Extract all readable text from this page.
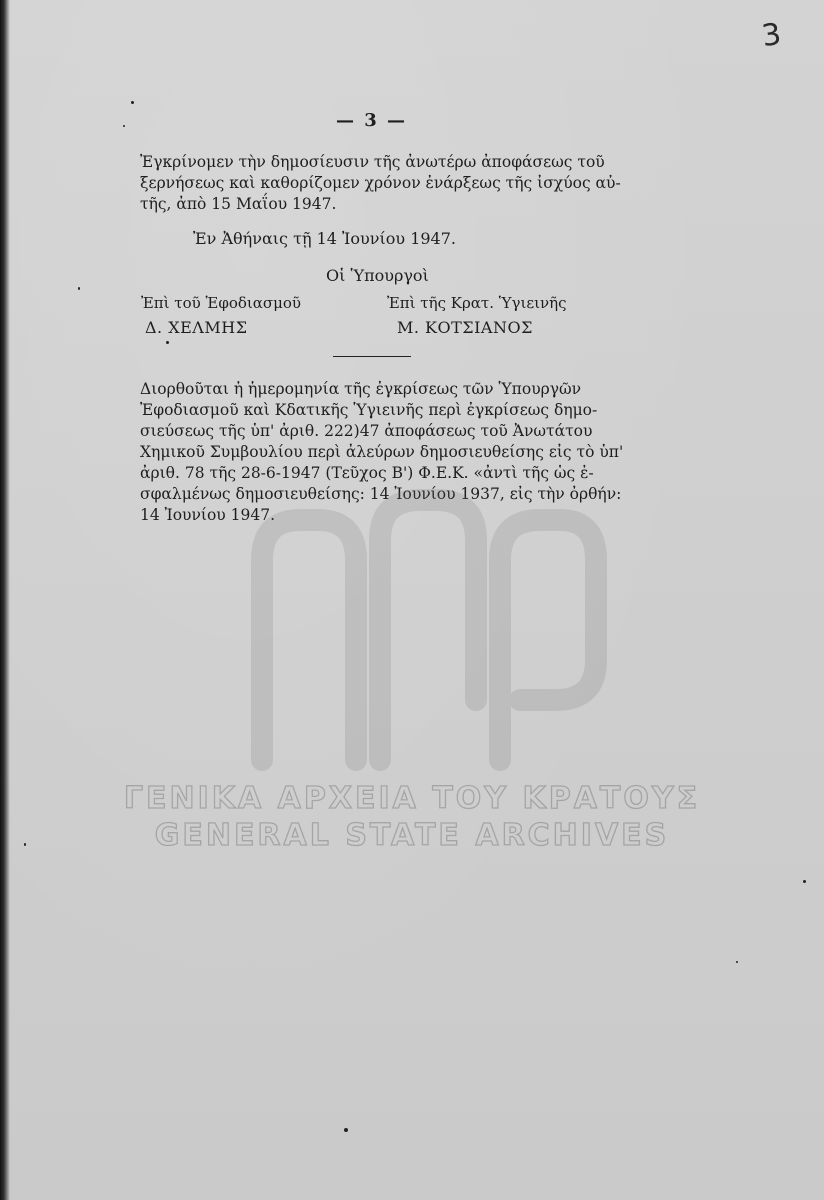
3
— 3 —
Ἐγκρίνομεν τὴν δημοσίευσιν τῆς ἀνωτέρω ἀποφάσεως τοῦ
ξερνήσεως καὶ καθορίζομεν χρόνον ἐνάρξεως τῆς ἰσχύος αὐ-
τῆς, ἀπὸ 15 Μαΐου 1947.
Ἐν Ἀθήναις τῇ 14 Ἰουνίου 1947.
Οἱ Ὑπουργοὶ
Ἐπὶ τοῦ Ἐφοδιασμοῦ	Ἐπὶ τῆς Κρατ. Ὑγιεινῆς
Δ. ΧΕΛΜΗΣ	Μ. ΚΟΤΣΙΑΝΟΣ
Διορθοῦται ἡ ἡμερομηνία τῆς ἐγκρίσεως τῶν Ὑπουργῶν
Ἐφοδιασμοῦ καὶ Κδατικῆς Ὑγιεινῆς περὶ ἐγκρίσεως δημο-
σιεύσεως τῆς ὑπ' ἀριθ. 222)47 ἀποφάσεως τοῦ Ἀνωτάτου
Χημικοῦ Συμβουλίου περὶ ἀλεύρων δημοσιευθείσης εἰς τὸ ὑπ'
ἀριθ. 78 τῆς 28-6-1947 (Τεῦχος Β') Φ.Ε.Κ. «ἀντὶ τῆς ὡς ἐ-
σφαλμένως δημοσιευθείσης: 14 Ἰουνίου 1937, εἰς τὴν ὀρθήν:
14 Ἰουνίου 1947.
ΓΕΝΙΚΑ ΑΡΧΕΙΑ ΤΟΥ ΚΡΑΤΟΥΣ
GENERAL STATE ARCHIVES
